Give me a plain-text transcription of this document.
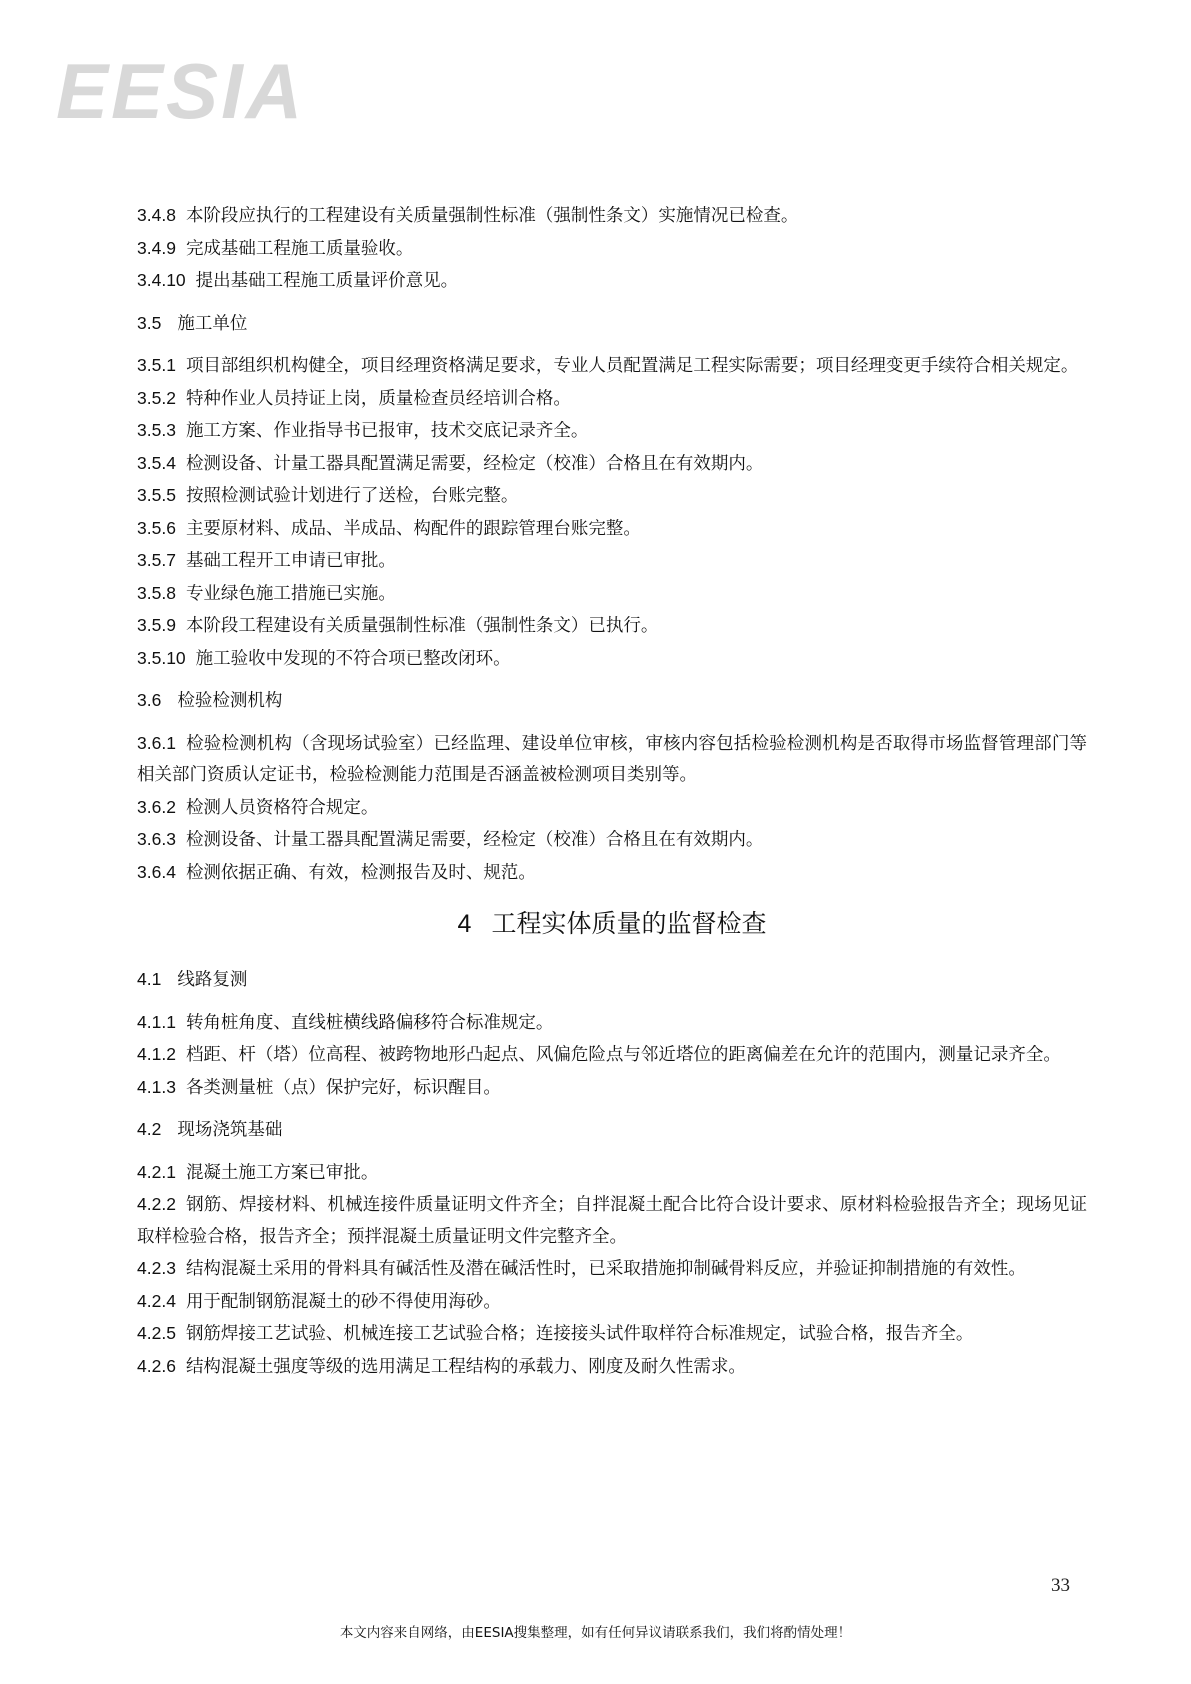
EESIA

3.4.8 本阶段应执行的工程建设有关质量强制性标准（强制性条文）实施情况已检查。

3.4.9 完成基础工程施工质量验收。

3.4.10 提出基础工程施工质量评价意见。

3.5 施工单位

3.5.1 项目部组织机构健全，项目经理资格满足要求，专业人员配置满足工程实际需要；项目经理变更手续符合相关规定。

3.5.2 特种作业人员持证上岗，质量检查员经培训合格。

3.5.3 施工方案、作业指导书已报审，技术交底记录齐全。

3.5.4 检测设备、计量工器具配置满足需要，经检定（校准）合格且在有效期内。

3.5.5 按照检测试验计划进行了送检，台账完整。

3.5.6 主要原材料、成品、半成品、构配件的跟踪管理台账完整。

3.5.7 基础工程开工申请已审批。

3.5.8 专业绿色施工措施已实施。

3.5.9 本阶段工程建设有关质量强制性标准（强制性条文）已执行。

3.5.10 施工验收中发现的不符合项已整改闭环。

3.6 检验检测机构

3.6.1 检验检测机构（含现场试验室）已经监理、建设单位审核，审核内容包括检验检测机构是否取得市场监督管理部门等相关部门资质认定证书，检验检测能力范围是否涵盖被检测项目类别等。

3.6.2 检测人员资格符合规定。

3.6.3 检测设备、计量工器具配置满足需要，经检定（校准）合格且在有效期内。

3.6.4 检测依据正确、有效，检测报告及时、规范。

4 工程实体质量的监督检查

4.1 线路复测

4.1.1 转角桩角度、直线桩横线路偏移符合标准规定。

4.1.2 档距、杆（塔）位高程、被跨物地形凸起点、风偏危险点与邻近塔位的距离偏差在允许的范围内，测量记录齐全。

4.1.3 各类测量桩（点）保护完好，标识醒目。

4.2 现场浇筑基础

4.2.1 混凝土施工方案已审批。

4.2.2 钢筋、焊接材料、机械连接件质量证明文件齐全；自拌混凝土配合比符合设计要求、原材料检验报告齐全；现场见证取样检验合格，报告齐全；预拌混凝土质量证明文件完整齐全。

4.2.3 结构混凝土采用的骨料具有碱活性及潜在碱活性时，已采取措施抑制碱骨料反应，并验证抑制措施的有效性。

4.2.4 用于配制钢筋混凝土的砂不得使用海砂。

4.2.5 钢筋焊接工艺试验、机械连接工艺试验合格；连接接头试件取样符合标准规定，试验合格，报告齐全。

4.2.6 结构混凝土强度等级的选用满足工程结构的承载力、刚度及耐久性需求。

33
本文内容来自网络，由EESIA搜集整理，如有任何异议请联系我们，我们将酌情处理！
